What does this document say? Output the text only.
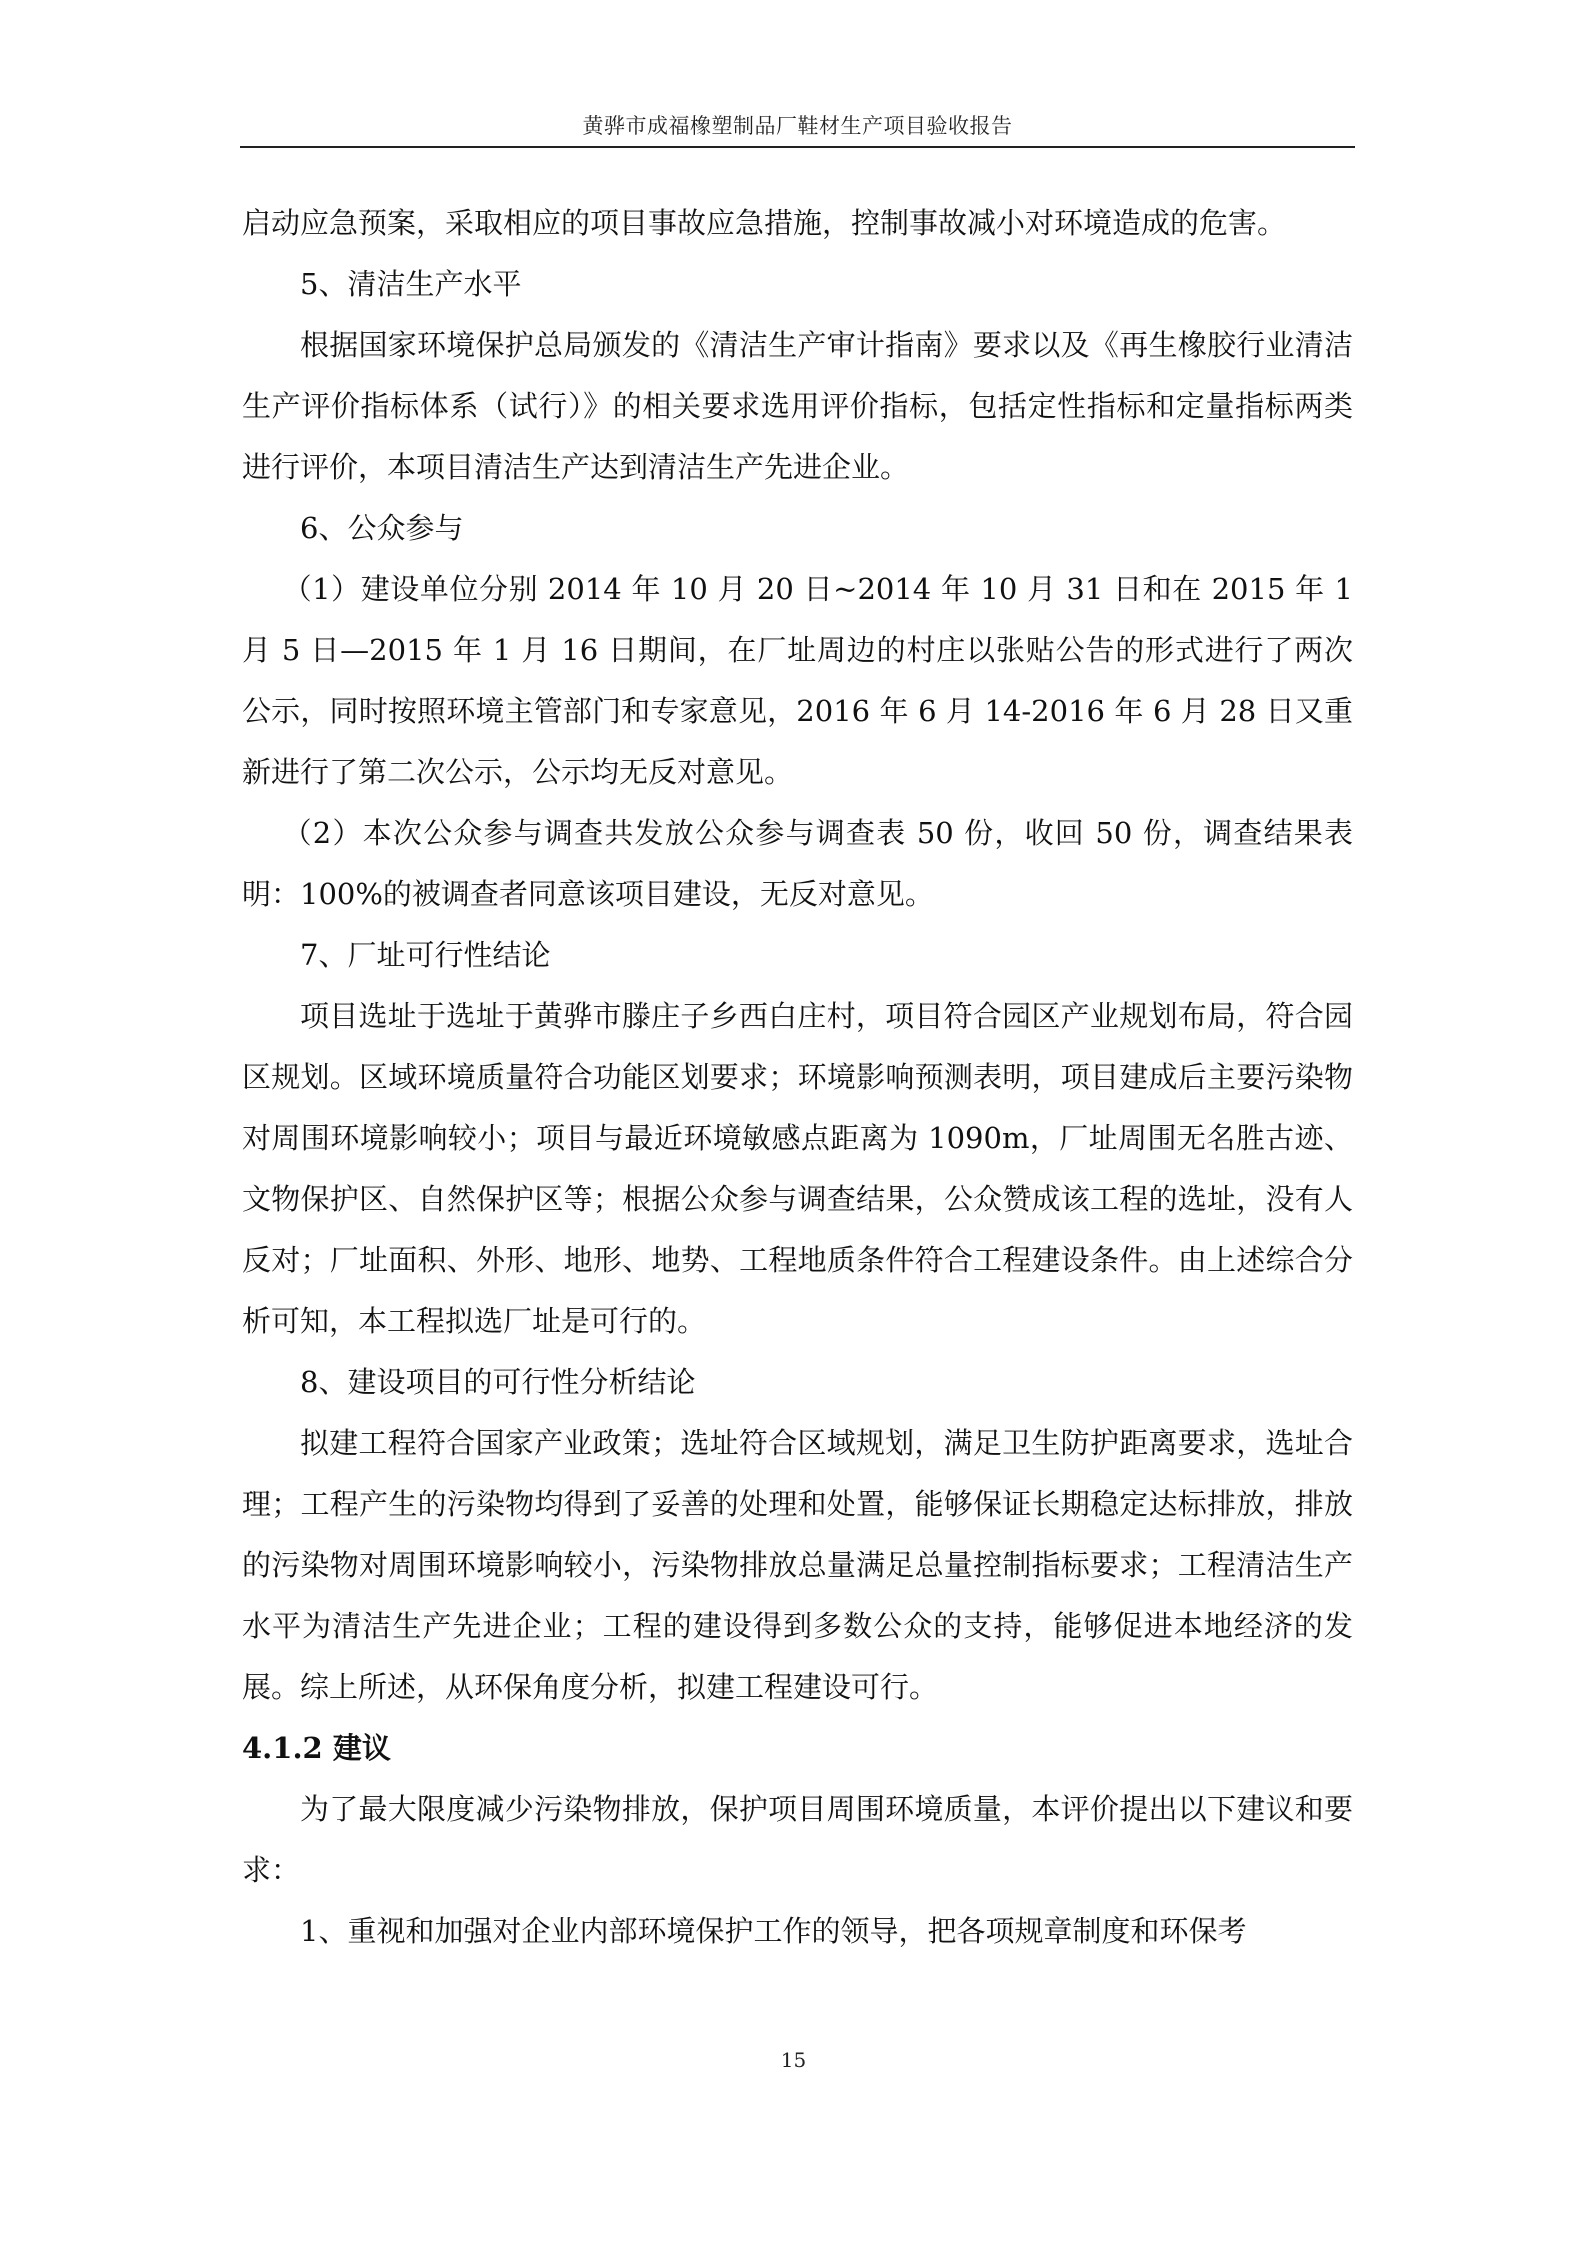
黄骅市成福橡塑制品厂鞋材生产项目验收报告

启动应急预案，采取相应的项目事故应急措施，控制事故减小对环境造成的危害。

5、清洁生产水平

根据国家环境保护总局颁发的《清洁生产审计指南》要求以及《再生橡胶行业清洁生产评价指标体系（试行）》的相关要求选用评价指标，包括定性指标和定量指标两类进行评价，本项目清洁生产达到清洁生产先进企业。

6、公众参与

（1）建设单位分别 2014 年 10 月 20 日~2014 年 10 月 31 日和在 2015 年 1 月 5 日—2015 年 1 月 16 日期间，在厂址周边的村庄以张贴公告的形式进行了两次公示，同时按照环境主管部门和专家意见，2016 年 6 月 14-2016 年 6 月 28 日又重新进行了第二次公示，公示均无反对意见。

（2）本次公众参与调查共发放公众参与调查表 50 份，收回 50 份，调查结果表明：100%的被调查者同意该项目建设，无反对意见。

7、厂址可行性结论

项目选址于选址于黄骅市滕庄子乡西白庄村，项目符合园区产业规划布局，符合园区规划。区域环境质量符合功能区划要求；环境影响预测表明，项目建成后主要污染物对周围环境影响较小；项目与最近环境敏感点距离为 1090m，厂址周围无名胜古迹、文物保护区、自然保护区等；根据公众参与调查结果，公众赞成该工程的选址，没有人反对；厂址面积、外形、地形、地势、工程地质条件符合工程建设条件。由上述综合分析可知，本工程拟选厂址是可行的。

8、建设项目的可行性分析结论

拟建工程符合国家产业政策；选址符合区域规划，满足卫生防护距离要求，选址合理；工程产生的污染物均得到了妥善的处理和处置，能够保证长期稳定达标排放，排放的污染物对周围环境影响较小，污染物排放总量满足总量控制指标要求；工程清洁生产水平为清洁生产先进企业；工程的建设得到多数公众的支持，能够促进本地经济的发展。综上所述，从环保角度分析，拟建工程建设可行。

4.1.2 建议

为了最大限度减少污染物排放，保护项目周围环境质量，本评价提出以下建议和要求：

1、重视和加强对企业内部环境保护工作的领导，把各项规章制度和环保考

15
